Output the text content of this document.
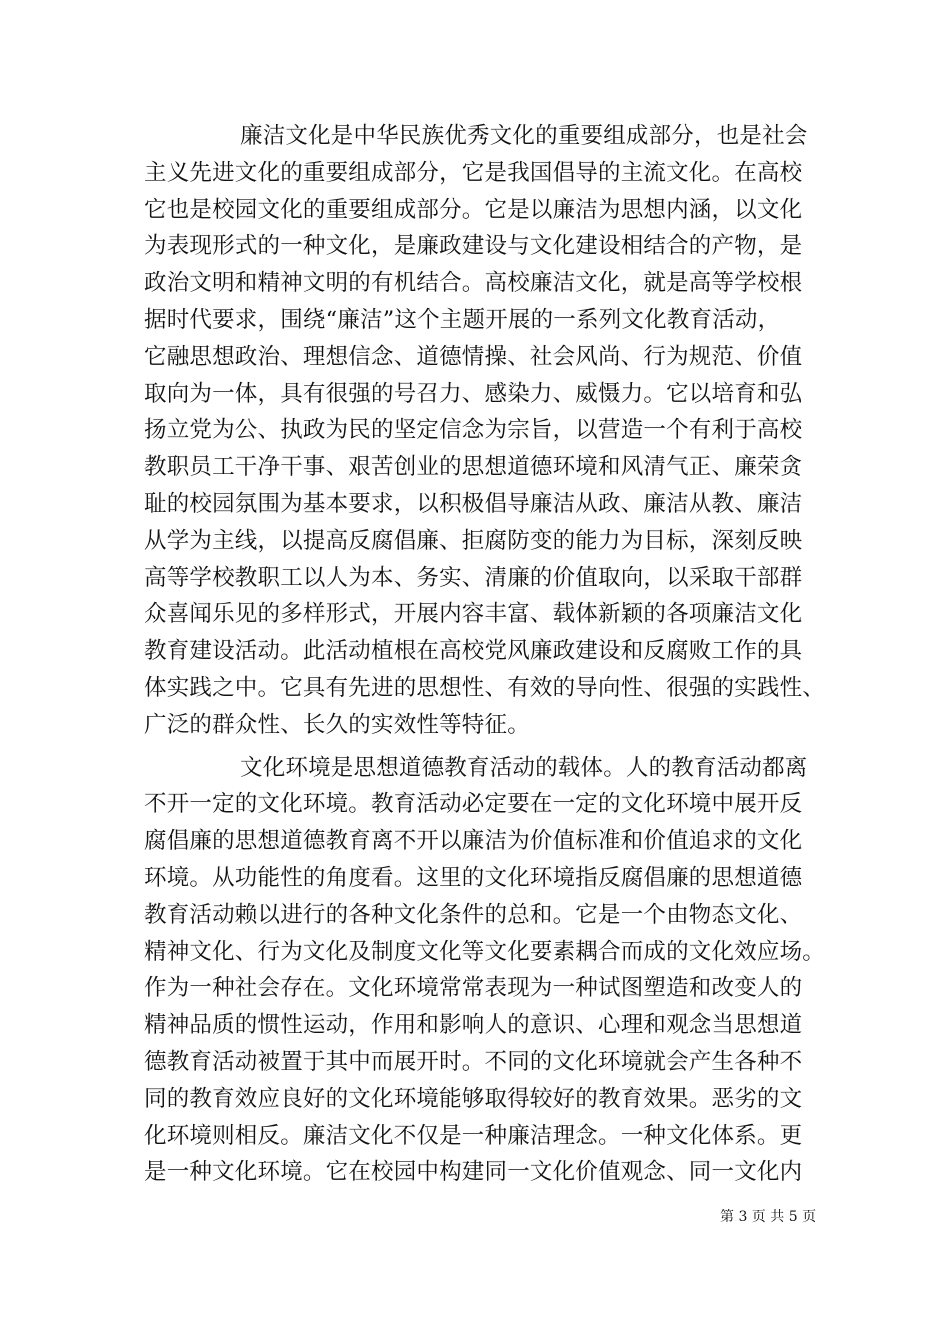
廉洁文化是中华民族优秀文化的重要组成部分，也是社会
主义先进文化的重要组成部分，它是我国倡导的主流文化。在高校
它也是校园文化的重要组成部分。它是以廉洁为思想内涵，以文化
为表现形式的一种文化，是廉政建设与文化建设相结合的产物，是
政治文明和精神文明的有机结合。高校廉洁文化，就是高等学校根
据时代要求，围绕“廉洁”这个主题开展的一系列文化教育活动，
它融思想政治、理想信念、道德情操、社会风尚、行为规范、价值
取向为一体，具有很强的号召力、感染力、威慑力。它以培育和弘
扬立党为公、执政为民的坚定信念为宗旨，以营造一个有利于高校
教职员工干净干事、艰苦创业的思想道德环境和风清气正、廉荣贪
耻的校园氛围为基本要求，以积极倡导廉洁从政、廉洁从教、廉洁
从学为主线，以提高反腐倡廉、拒腐防变的能力为目标，深刻反映
高等学校教职工以人为本、务实、清廉的价值取向，以采取干部群
众喜闻乐见的多样形式，开展内容丰富、载体新颖的各项廉洁文化
教育建设活动。此活动植根在高校党风廉政建设和反腐败工作的具
体实践之中。它具有先进的思想性、有效的导向性、很强的实践性、
广泛的群众性、长久的实效性等特征。
文化环境是思想道德教育活动的载体。人的教育活动都离
不开一定的文化环境。教育活动必定要在一定的文化环境中展开反
腐倡廉的思想道德教育离不开以廉洁为价值标准和价值追求的文化
环境。从功能性的角度看。这里的文化环境指反腐倡廉的思想道德
教育活动赖以进行的各种文化条件的总和。它是一个由物态文化、
精神文化、行为文化及制度文化等文化要素耦合而成的文化效应场。
作为一种社会存在。文化环境常常表现为一种试图塑造和改变人的
精神品质的惯性运动，作用和影响人的意识、心理和观念当思想道
德教育活动被置于其中而展开时。不同的文化环境就会产生各种不
同的教育效应良好的文化环境能够取得较好的教育效果。恶劣的文
化环境则相反。廉洁文化不仅是一种廉洁理念。一种文化体系。更
是一种文化环境。它在校园中构建同一文化价值观念、同一文化内
第 3 页 共 5 页
